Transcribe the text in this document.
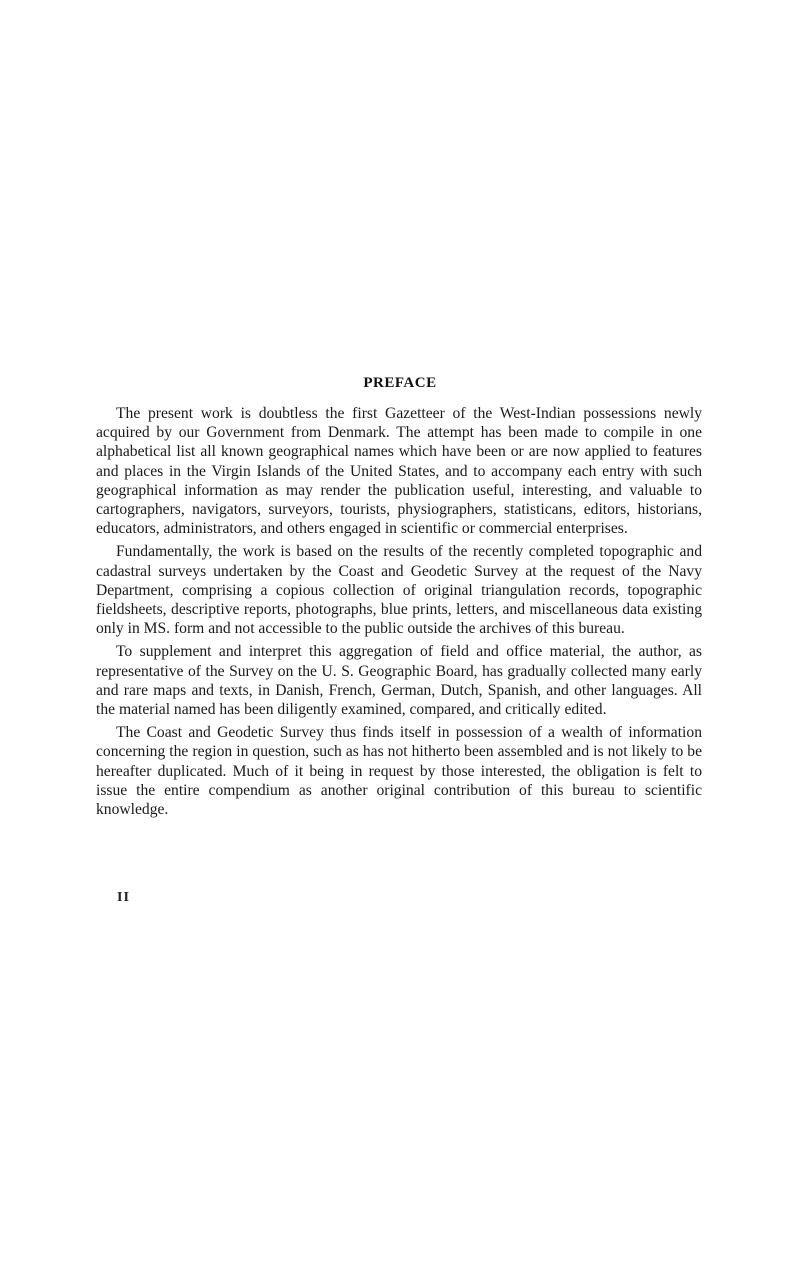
PREFACE

The present work is doubtless the first Gazetteer of the West-Indian possessions newly acquired by our Government from Denmark. The attempt has been made to compile in one alphabetical list all known geographical names which have been or are now applied to features and places in the Virgin Islands of the United States, and to accompany each entry with such geographical information as may render the publication useful, interesting, and valuable to cartographers, navigators, surveyors, tourists, physiographers, statisticans, editors, historians, educators, administrators, and others engaged in scientific or commercial enterprises.

Fundamentally, the work is based on the results of the recently completed topographic and cadastral surveys undertaken by the Coast and Geodetic Survey at the request of the Navy Department, comprising a copious collection of original triangulation records, topographic fieldsheets, descriptive reports, photographs, blue prints, letters, and miscellaneous data existing only in MS. form and not accessible to the public outside the archives of this bureau.

To supplement and interpret this aggregation of field and office material, the author, as representative of the Survey on the U. S. Geographic Board, has gradually collected many early and rare maps and texts, in Danish, French, German, Dutch, Spanish, and other languages. All the material named has been diligently examined, compared, and critically edited.

The Coast and Geodetic Survey thus finds itself in possession of a wealth of information concerning the region in question, such as has not hitherto been assembled and is not likely to be hereafter duplicated. Much of it being in request by those interested, the obligation is felt to issue the entire compendium as another original contribution of this bureau to scientific knowledge.

II
